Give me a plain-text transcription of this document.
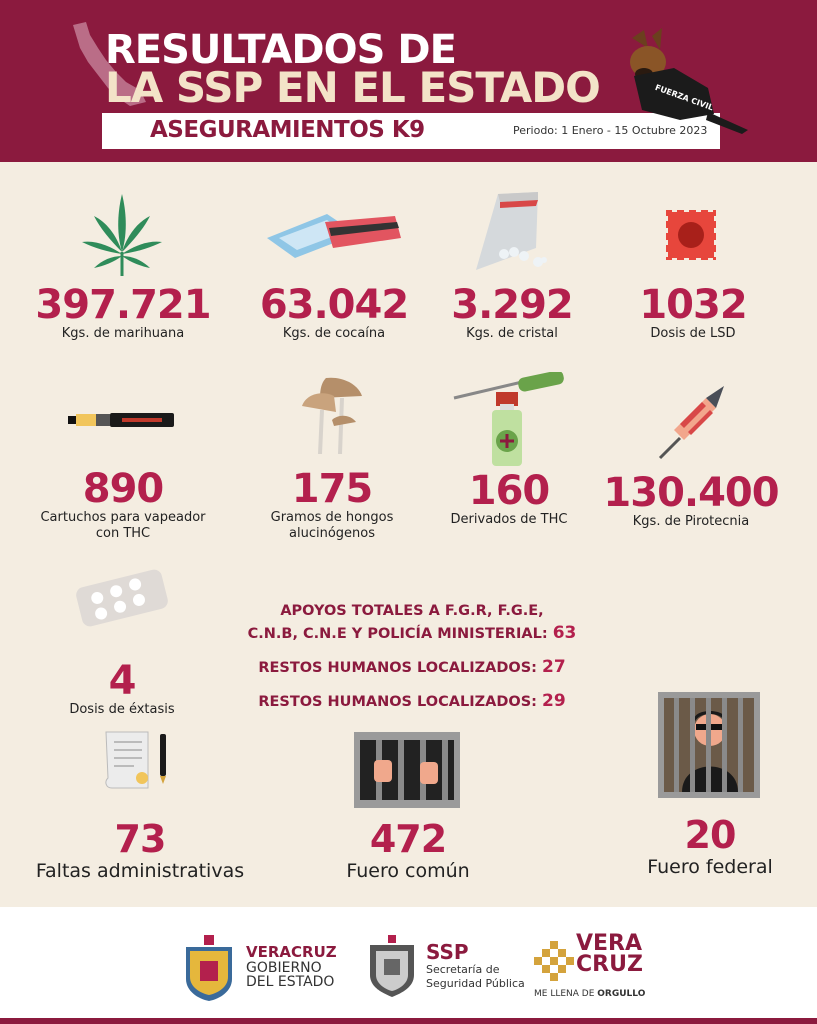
RESULTADOS DE
LA SSP EN EL ESTADO
ASEGURAMIENTOS K9	Periodo: 1 Enero - 15 Octubre 2023
FUERZA CIVIL
397.721
Kgs. de marihuana
63.042
Kgs. de cocaína
3.292
Kgs. de cristal
1032
Dosis de LSD
890
Cartuchos para vapeador con THC
175
Gramos de hongos alucinógenos
160
Derivados de THC
130.400
Kgs. de Pirotecnia
4
Dosis de éxtasis
APOYOS TOTALES A F.G.R, F.G.E,
C.N.B, C.N.E Y POLICÍA MINISTERIAL: 63
RESTOS HUMANOS LOCALIZADOS: 27
RESTOS HUMANOS LOCALIZADOS: 29
73
Faltas administrativas
472
Fuero común
20
Fuero federal
VERACRUZ
GOBIERNO
DEL ESTADO
SSP
Secretaría de
Seguridad Pública
VERA
CRUZ
ME LLENA DE ORGULLO
